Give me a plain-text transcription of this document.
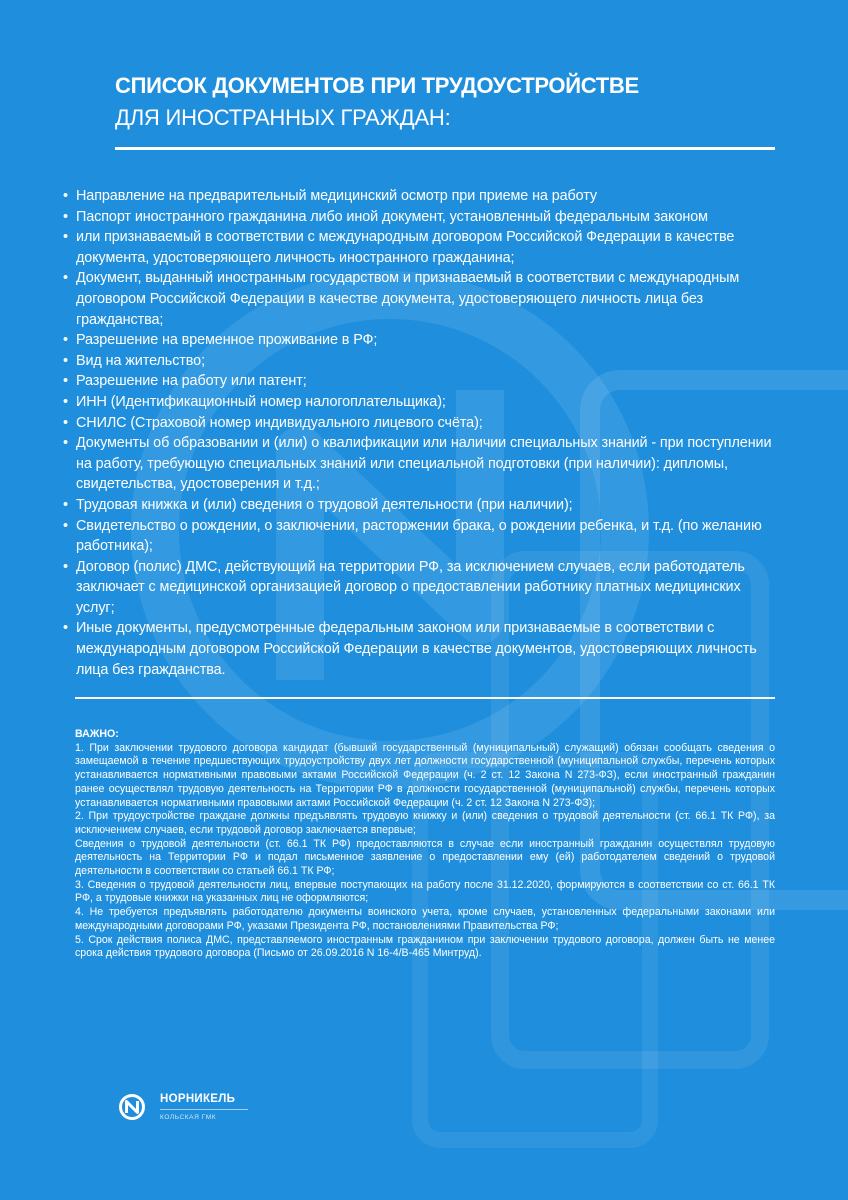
СПИСОК ДОКУМЕНТОВ ПРИ ТРУДОУСТРОЙСТВЕ
ДЛЯ ИНОСТРАННЫХ ГРАЖДАН:
• Направление на предварительный медицинский осмотр при приеме на работу
• Паспорт иностранного гражданина либо иной документ, установленный федеральным законом
• или признаваемый в соответствии с международным договором Российской Федерации в качестве документа, удостоверяющего личность иностранного гражданина;
• Документ, выданный иностранным государством и признаваемый в соответствии с международным договором Российской Федерации в качестве документа, удостоверяющего личность лица без гражданства;
• Разрешение на временное проживание в РФ;
• Вид на жительство;
• Разрешение на работу или патент;
• ИНН (Идентификационный номер налогоплательщика);
• СНИЛС (Страховой номер индивидуального лицевого счёта);
• Документы об образовании и (или) о квалификации или наличии специальных знаний - при поступлении на работу, требующую специальных знаний или специальной подготовки (при наличии): дипломы, свидетельства, удостоверения и т.д.;
• Трудовая книжка и (или) сведения о трудовой деятельности (при наличии);
• Свидетельство о рождении, о заключении, расторжении брака, о рождении ребенка, и т.д. (по желанию работника);
• Договор (полис) ДМС, действующий на территории РФ, за исключением случаев, если работодатель заключает с медицинской организацией договор о предоставлении работнику платных медицинских услуг;
• Иные документы, предусмотренные федеральным законом или признаваемые в соответствии с международным договором Российской Федерации в качестве документов, удостоверяющих личность лица без гражданства.

ВАЖНО:

1. При заключении трудового договора кандидат (бывший государственный (муниципальный) служащий) обязан сообщать сведения о замещаемой в течение предшествующих трудоустройству двух лет должности государственной (муниципальной службы, перечень которых устанавливается нормативными правовыми актами Российской Федерации (ч. 2 ст. 12 Закона N 273-ФЗ), если иностранный гражданин ранее осуществлял трудовую деятельность на Территории РФ в должности государственной (муниципальной) службы, перечень которых устанавливается нормативными правовыми актами Российской Федерации (ч. 2 ст. 12 Закона N 273-ФЗ);

2. При трудоустройстве граждане должны предъявлять трудовую книжку и (или) сведения о трудовой деятельности (ст. 66.1 ТК РФ), за исключением случаев, если трудовой договор заключается впервые;

Сведения о трудовой деятельности (ст. 66.1 ТК РФ) предоставляются в случае если иностранный гражданин осуществлял трудовую деятельность на Территории РФ и подал письменное заявление о предоставлении ему (ей) работодателем сведений о трудовой деятельности в соответствии со статьей 66.1 ТК РФ;

3. Сведения о трудовой деятельности лиц, впервые поступающих на работу после 31.12.2020, формируются в соответствии со ст. 66.1 ТК РФ, а трудовые книжки на указанных лиц не оформляются;

4. Не требуется предъявлять работодателю документы воинского учета, кроме случаев, установленных федеральными законами или международными договорами РФ, указами Президента РФ, постановлениями Правительства РФ;

5. Срок действия полиса ДМС, представляемого иностранным гражданином при заключении трудового договора, должен быть не менее срока действия трудового договора (Письмо от 26.09.2016 N 16-4/В-465 Минтруд).

НОРНИКЕЛЬ
КОЛЬСКАЯ ГМК
